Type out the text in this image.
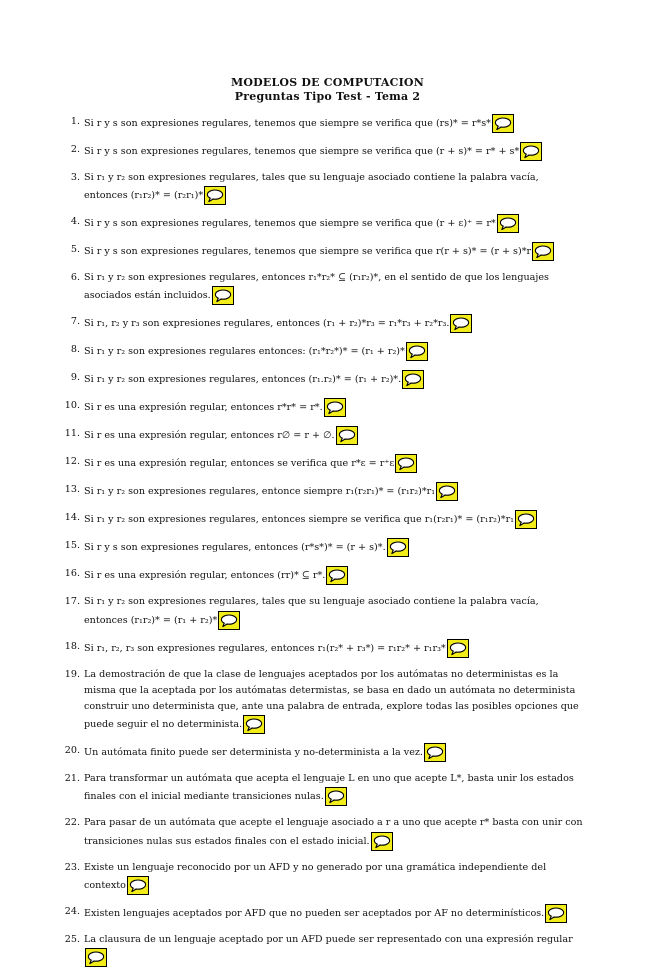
MODELOS DE COMPUTACION
Preguntas Tipo Test - Tema 2
1. Si r y s son expresiones regulares, tenemos que siempre se verifica que (rs)* = r*s*
2. Si r y s son expresiones regulares, tenemos que siempre se verifica que (r + s)* = r* + s*
3. Si r₁ y r₂ son expresiones regulares, tales que su lenguaje asociado contiene la palabra vacía, entonces (r₁r₂)* = (r₂r₁)*
4. Si r y s son expresiones regulares, tenemos que siempre se verifica que (r + ε)⁺ = r*
5. Si r y s son expresiones regulares, tenemos que siempre se verifica que r(r + s)* = (r + s)*r
6. Si r₁ y r₂ son expresiones regulares, entonces r₁*r₂* ⊆ (r₁r₂)*, en el sentido de que los lenguajes asociados están incluidos.
7. Si r₁, r₂ y r₃ son expresiones regulares, entonces (r₁ + r₂)*r₃ = r₁*r₃ + r₂*r₃.
8. Si r₁ y r₂ son expresiones regulares entonces: (r₁*r₂*)* = (r₁ + r₂)*
9. Si r₁ y r₂ son expresiones regulares, entonces (r₁.r₂)* = (r₁ + r₂)*.
10. Si r es una expresión regular, entonces r*r* = r*.
11. Si r es una expresión regular, entonces r∅ = r + ∅.
12. Si r es una expresión regular, entonces se verifica que r*ε = r⁺ε
13. Si r₁ y r₂ son expresiones regulares, entonce siempre r₁(r₂r₁)* = (r₁r₂)*r₁
14. Si r₁ y r₂ son expresiones regulares, entonces siempre se verifica que r₁(r₂r₁)* = (r₁r₂)*r₁
15. Si r y s son expresiones regulares, entonces (r*s*)* = (r + s)*.
16. Si r es una expresión regular, entonces (rr)* ⊆ r*.
17. Si r₁ y r₂ son expresiones regulares, tales que su lenguaje asociado contiene la palabra vacía, entonces (r₁r₂)* = (r₁ + r₂)*
18. Si r₁, r₂, r₃ son expresiones regulares, entonces r₁(r₂* + r₃*) = r₁r₂* + r₁r₃*
19. La demostración de que la clase de lenguajes aceptados por los autómatas no deterministas es la misma que la aceptada por los autómatas determistas, se basa en dado un autómata no determinista construir uno determinista que, ante una palabra de entrada, explore todas las posibles opciones que puede seguir el no determinista.
20. Un autómata finito puede ser determinista y no-determinista a la vez.
21. Para transformar un autómata que acepta el lenguaje L en uno que acepte L*, basta unir los estados finales con el inicial mediante transiciones nulas.
22. Para pasar de un autómata que acepte el lenguaje asociado a r a uno que acepte r* basta con unir con transiciones nulas sus estados finales con el estado inicial.
23. Existe un lenguaje reconocido por un AFD y no generado por una gramática independiente del contexto
24. Existen lenguajes aceptados por AFD que no pueden ser aceptados por AF no determinísticos.
25. La clausura de un lenguaje aceptado por un AFD puede ser representado con una expresión regular
